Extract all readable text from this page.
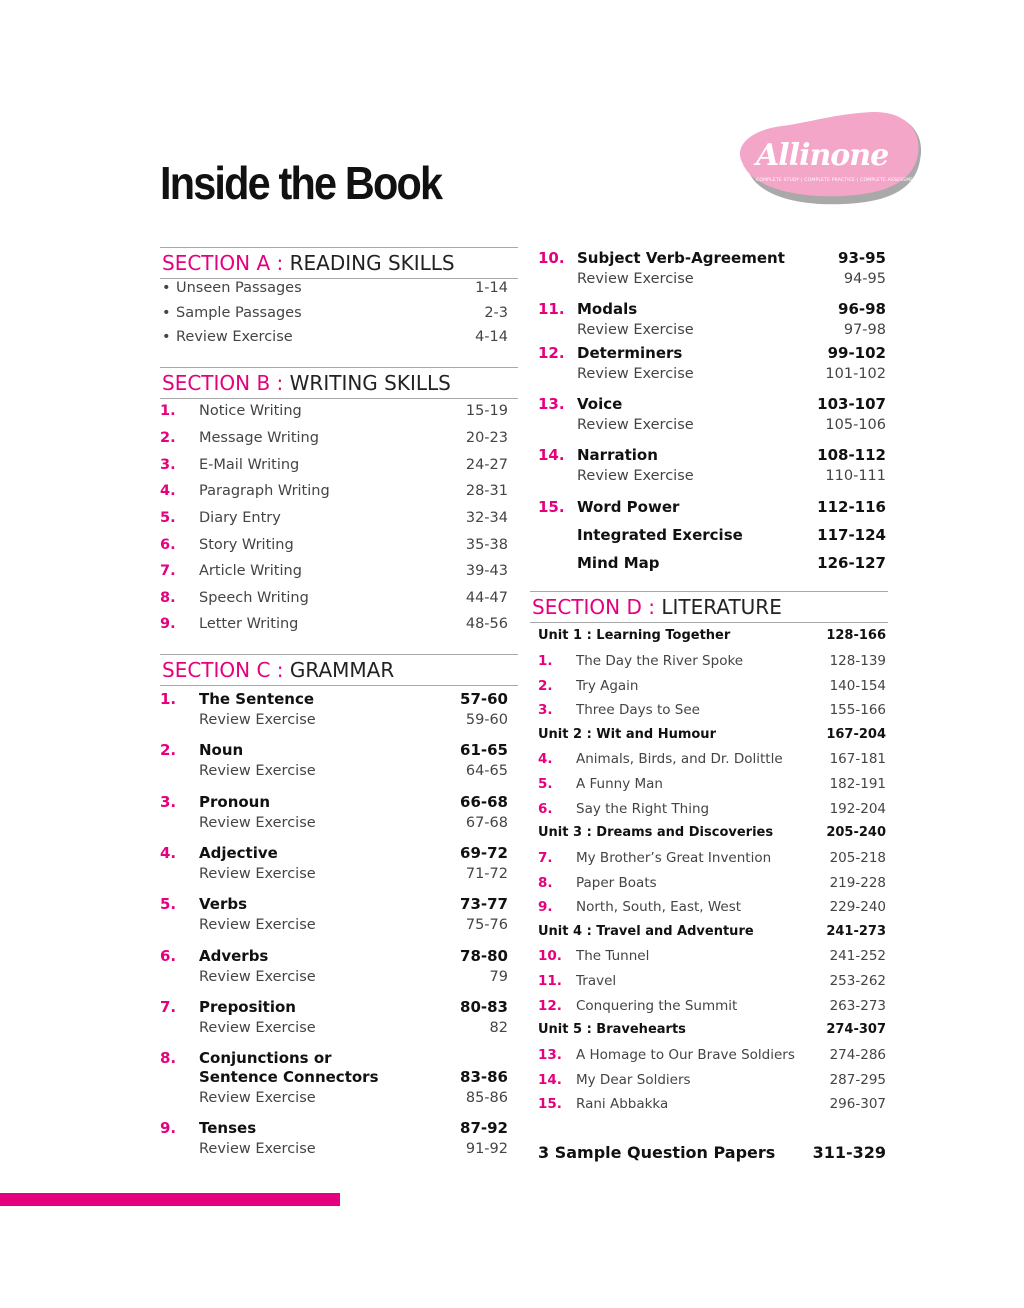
Inside the Book
Allinone
COMPLETE STUDY | COMPLETE PRACTICE | COMPLETE ASSESSMENT
SECTION A : READING SKILLS
• Unseen Passages	1-14
• Sample Passages	2-3
• Review Exercise	4-14
SECTION B : WRITING SKILLS
1. Notice Writing	15-19
2. Message Writing	20-23
3. E-Mail Writing	24-27
4. Paragraph Writing	28-31
5. Diary Entry	32-34
6. Story Writing	35-38
7. Article Writing	39-43
8. Speech Writing	44-47
9. Letter Writing	48-56
SECTION C : GRAMMAR
1. The Sentence	57-60
Review Exercise	59-60
2. Noun	61-65
Review Exercise	64-65
3. Pronoun	66-68
Review Exercise	67-68
4. Adjective	69-72
Review Exercise	71-72
5. Verbs	73-77
Review Exercise	75-76
6. Adverbs	78-80
Review Exercise	79
7. Preposition	80-83
Review Exercise	82
8. Conjunctions or
Sentence Connectors	83-86
Review Exercise	85-86
9. Tenses	87-92
Review Exercise	91-92
10. Subject Verb-Agreement	93-95
Review Exercise	94-95
11. Modals	96-98
Review Exercise	97-98
12. Determiners	99-102
Review Exercise	101-102
13. Voice	103-107
Review Exercise	105-106
14. Narration	108-112
Review Exercise	110-111
15. Word Power	112-116
Integrated Exercise	117-124
Mind Map	126-127
SECTION D : LITERATURE
Unit 1 : Learning Together	128-166
1. The Day the River Spoke	128-139
2. Try Again	140-154
3. Three Days to See	155-166
Unit 2 : Wit and Humour	167-204
4. Animals, Birds, and Dr. Dolittle	167-181
5. A Funny Man	182-191
6. Say the Right Thing	192-204
Unit 3 : Dreams and Discoveries	205-240
7. My Brother’s Great Invention	205-218
8. Paper Boats	219-228
9. North, South, East, West	229-240
Unit 4 : Travel and Adventure	241-273
10. The Tunnel	241-252
11. Travel	253-262
12. Conquering the Summit	263-273
Unit 5 : Bravehearts	274-307
13. A Homage to Our Brave Soldiers	274-286
14. My Dear Soldiers	287-295
15. Rani Abbakka	296-307
3 Sample Question Papers 311-329
